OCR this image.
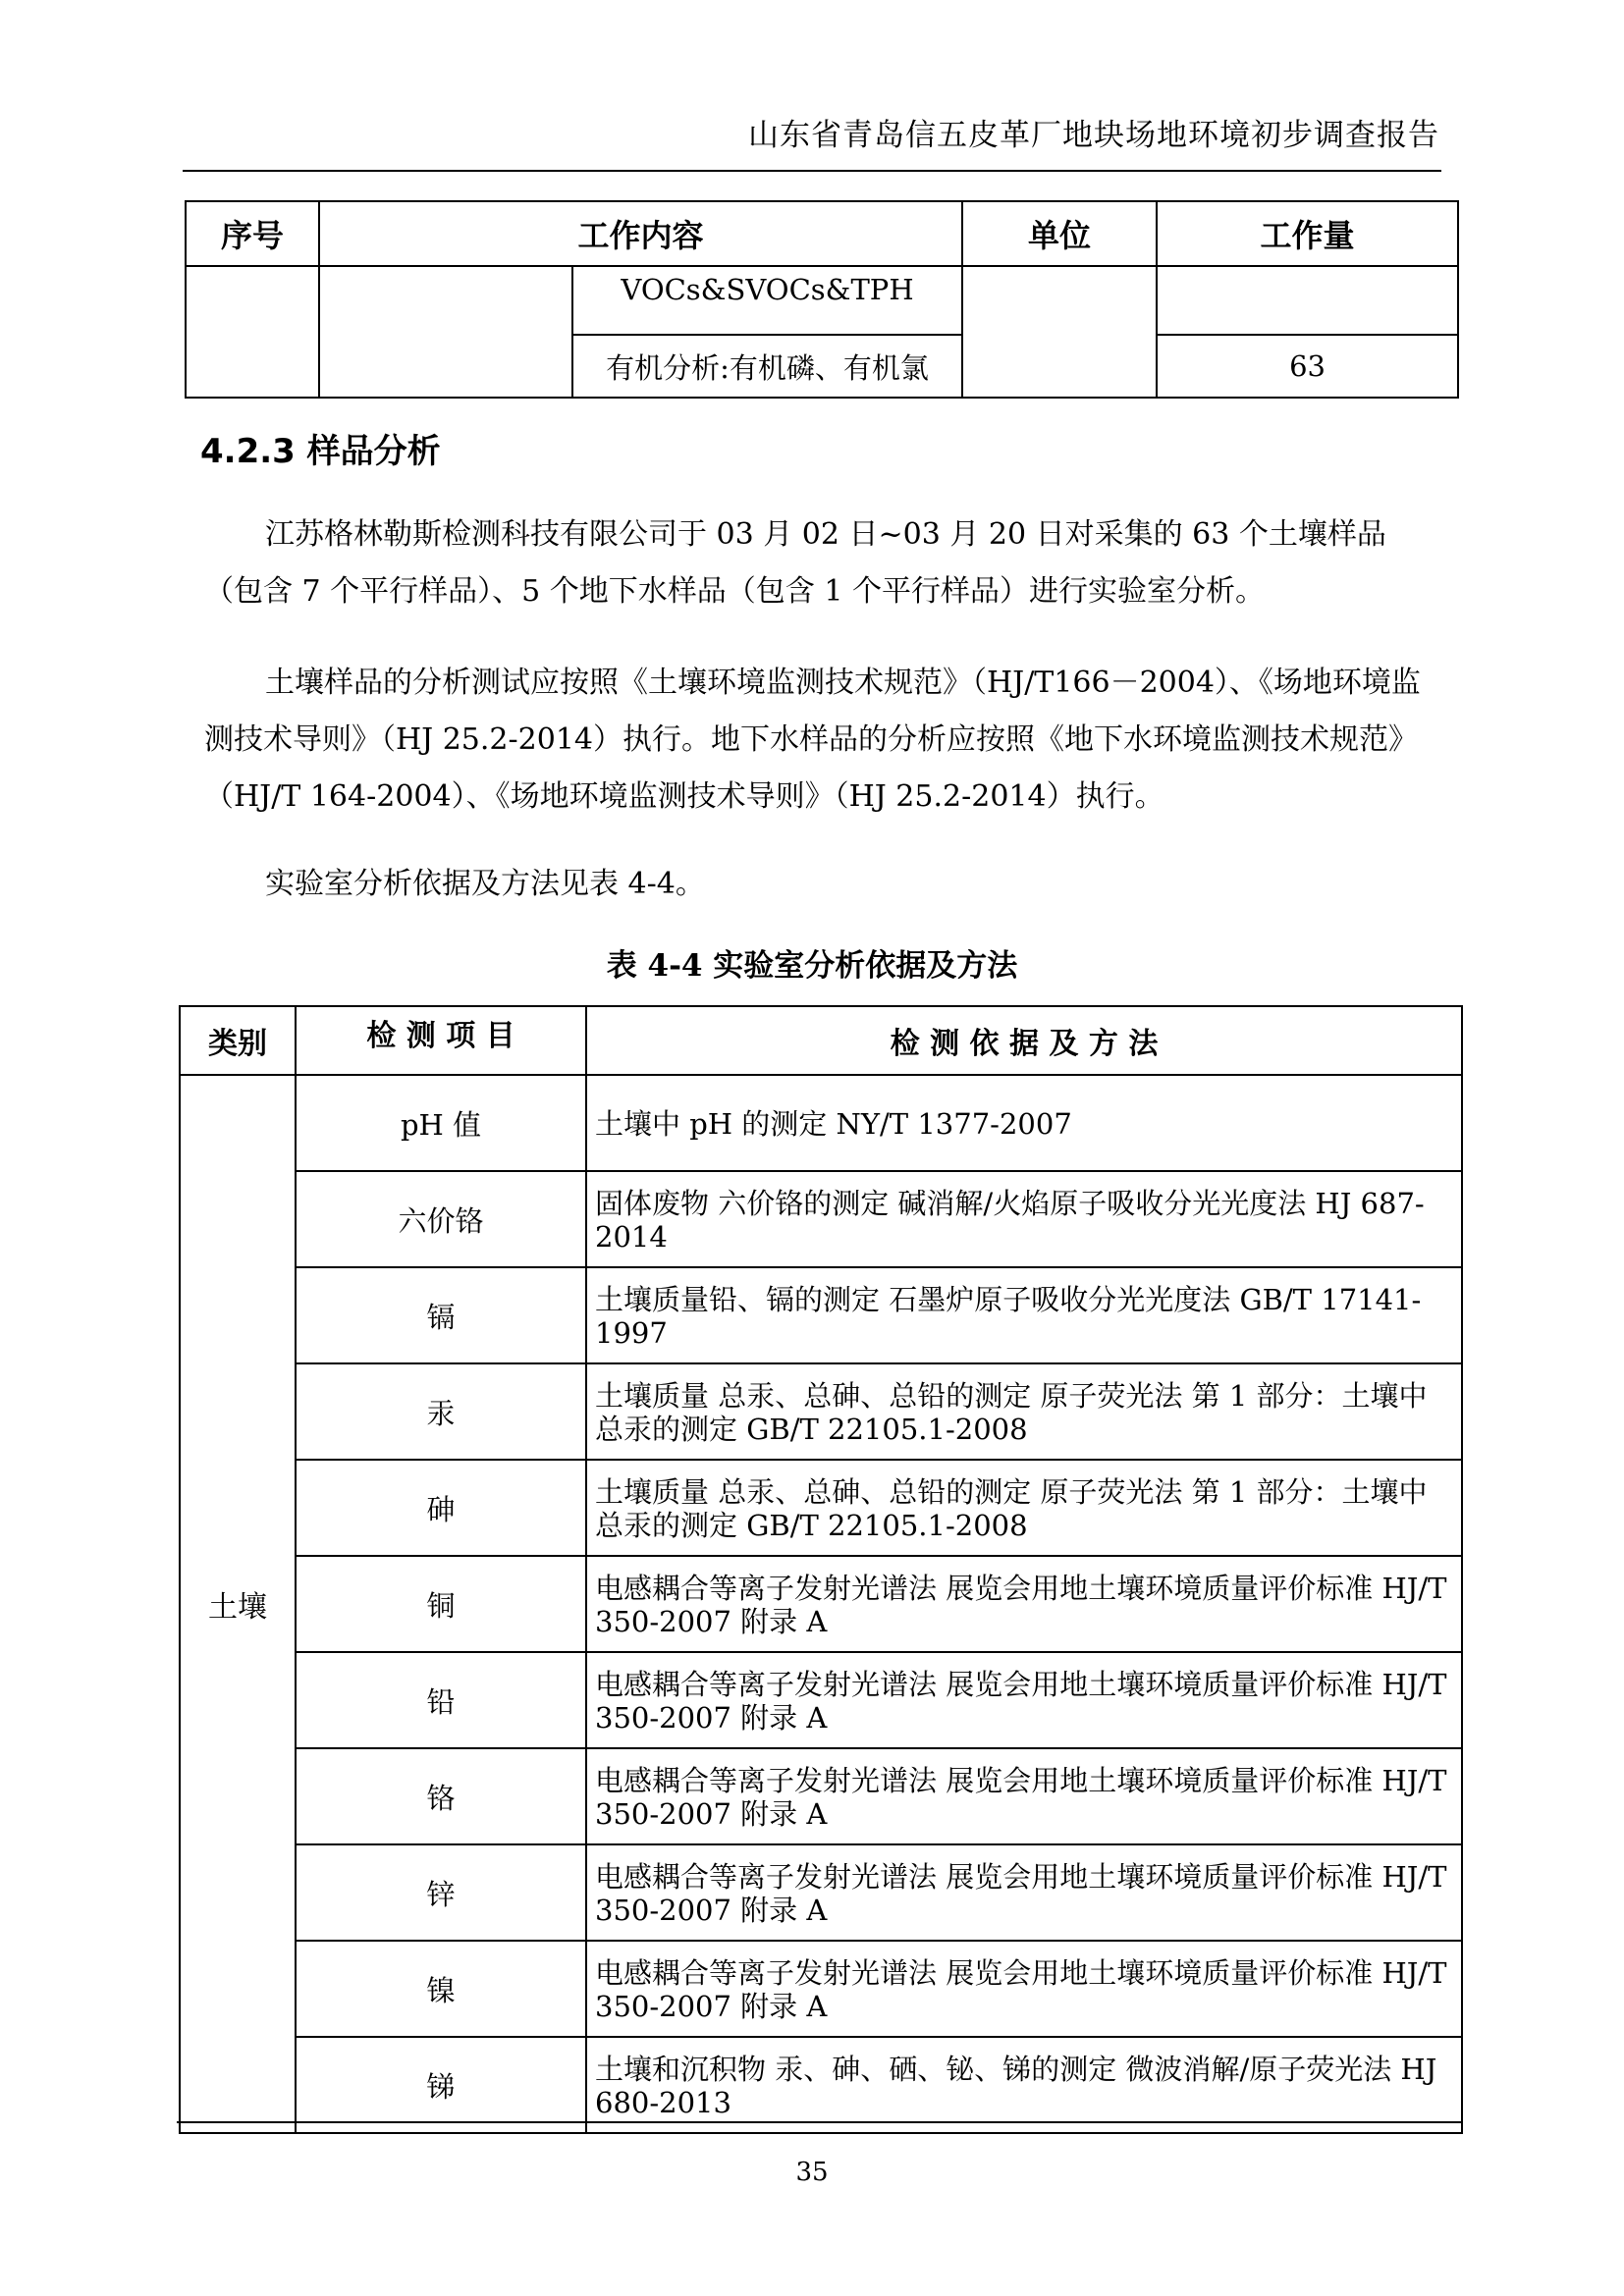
山东省青岛信五皮革厂地块场地环境初步调查报告
序号	工作内容		单位	工作量
		VOCs&SVOCs&TPH		
		有机分析:有机磷、有机氯		63
4.2.3 样品分析

江苏格林勒斯检测科技有限公司于 03 月 02 日~03 月 20 日对采集的 63 个土壤样品（包含 7 个平行样品）、5 个地下水样品（包含 1 个平行样品）进行实验室分析。

土壤样品的分析测试应按照《土壤环境监测技术规范》（HJ/T166－2004）、《场地环境监测技术导则》（HJ 25.2-2014）执行。地下水样品的分析应按照《地下水环境监测技术规范》（HJ/T 164-2004）、《场地环境监测技术导则》（HJ 25.2-2014）执行。

实验室分析依据及方法见表 4-4。

表 4-4 实验室分析依据及方法
类别	检 测 项 目	检 测 依 据 及 方 法
土壤	pH 值	土壤中 pH 的测定 NY/T 1377-2007
	六价铬	固体废物 六价铬的测定 碱消解/火焰原子吸收分光光度法 HJ 687-2014
	镉	土壤质量铅、镉的测定 石墨炉原子吸收分光光度法 GB/T 17141-1997
	汞	土壤质量 总汞、总砷、总铅的测定 原子荧光法 第 1 部分：土壤中总汞的测定 GB/T 22105.1-2008
	砷	土壤质量 总汞、总砷、总铅的测定 原子荧光法 第 1 部分：土壤中总汞的测定 GB/T 22105.1-2008
	铜	电感耦合等离子发射光谱法 展览会用地土壤环境质量评价标准 HJ/T 350-2007 附录 A
	铅	电感耦合等离子发射光谱法 展览会用地土壤环境质量评价标准 HJ/T 350-2007 附录 A
	铬	电感耦合等离子发射光谱法 展览会用地土壤环境质量评价标准 HJ/T 350-2007 附录 A
	锌	电感耦合等离子发射光谱法 展览会用地土壤环境质量评价标准 HJ/T 350-2007 附录 A
	镍	电感耦合等离子发射光谱法 展览会用地土壤环境质量评价标准 HJ/T 350-2007 附录 A
	锑	土壤和沉积物 汞、砷、硒、铋、锑的测定 微波消解/原子荧光法 HJ 680-2013
35
